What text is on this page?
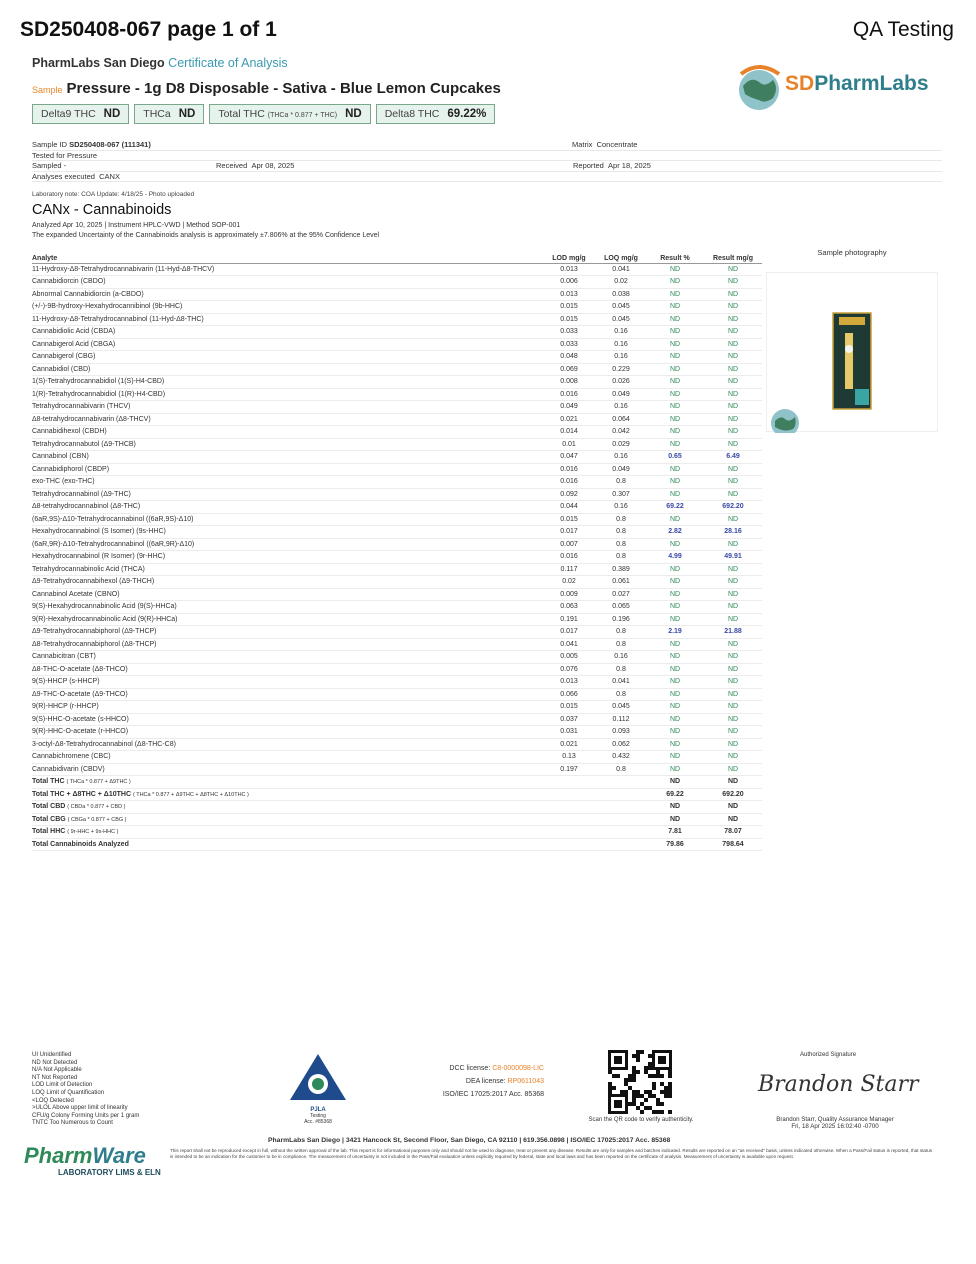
SD250408-067 page 1 of 1	QA Testing
PharmLabs San Diego Certificate of Analysis
Sample Pressure - 1g D8 Disposable - Sativa - Blue Lemon Cupcakes
Delta9 THC ND	THCa ND	Total THC (THCa * 0.877 + THC) ND	Delta8 THC 69.22%
SDPharmLabs
Sample ID SD250408-067 (111341)	Matrix Concentrate
Tested for Pressure
Sampled -	Received Apr 08, 2025	Reported Apr 18, 2025
Analyses executed CANX
Laboratory note: COA Update: 4/18/25 - Photo uploaded
CANx - Cannabinoids
Analyzed Apr 10, 2025 | Instrument HPLC-VWD | Method SOP-001
The expanded Uncertainty of the Cannabinoids analysis is approximately ±7.806% at the 95% Confidence Level
Analyte	LOD mg/g	LOQ mg/g	Result %	Result mg/g
11-Hydroxy-Δ8-Tetrahydrocannabivarin (11-Hyd-Δ8-THCV)	0.013	0.041	ND	ND
Cannabidiorcin (CBDO)	0.006	0.02	ND	ND
Abnormal Cannabidiorcin (a-CBDO)	0.013	0.038	ND	ND
(+/-)-9B-hydroxy-Hexahydrocannibinol (9b-HHC)	0.015	0.045	ND	ND
11-Hydroxy-Δ8-Tetrahydrocannabinol (11-Hyd-Δ8-THC)	0.015	0.045	ND	ND
Cannabidiolic Acid (CBDA)	0.033	0.16	ND	ND
Cannabigerol Acid (CBGA)	0.033	0.16	ND	ND
Cannabigerol (CBG)	0.048	0.16	ND	ND
Cannabidiol (CBD)	0.069	0.229	ND	ND
1(S)-Tetrahydrocannabidiol (1(S)-H4-CBD)	0.008	0.026	ND	ND
1(R)-Tetrahydrocannabidiol (1(R)-H4-CBD)	0.016	0.049	ND	ND
Tetrahydrocannabivarin (THCV)	0.049	0.16	ND	ND
Δ8-tetrahydrocannabivarin (Δ8-THCV)	0.021	0.064	ND	ND
Cannabidihexol (CBDH)	0.014	0.042	ND	ND
Tetrahydrocannabutol (Δ9-THCB)	0.01	0.029	ND	ND
Cannabinol (CBN)	0.047	0.16	0.65	6.49
Cannabidiphorol (CBDP)	0.016	0.049	ND	ND
exo-THC (exo-THC)	0.016	0.8	ND	ND
Tetrahydrocannabinol (Δ9-THC)	0.092	0.307	ND	ND
Δ8-tetrahydrocannabinol (Δ8-THC)	0.044	0.16	69.22	692.20
(6aR,9S)-Δ10-Tetrahydrocannabinol ((6aR,9S)-Δ10)	0.015	0.8	ND	ND
Hexahydrocannabinol (S Isomer) (9s-HHC)	0.017	0.8	2.82	28.16
(6aR,9R)-Δ10-Tetrahydrocannabinol ((6aR,9R)-Δ10)	0.007	0.8	ND	ND
Hexahydrocannabinol (R Isomer) (9r-HHC)	0.016	0.8	4.99	49.91
Tetrahydrocannabinolic Acid (THCA)	0.117	0.389	ND	ND
Δ9-Tetrahydrocannabihexol (Δ9-THCH)	0.02	0.061	ND	ND
Cannabinol Acetate (CBNO)	0.009	0.027	ND	ND
9(S)-Hexahydrocannabinolic Acid (9(S)-HHCa)	0.063	0.065	ND	ND
9(R)-Hexahydrocannabinolic Acid (9(R)-HHCa)	0.191	0.196	ND	ND
Δ9-Tetrahydrocannabiphorol (Δ9-THCP)	0.017	0.8	2.19	21.88
Δ8-Tetrahydrocannabiphorol (Δ8-THCP)	0.041	0.8	ND	ND
Cannabicitran (CBT)	0.005	0.16	ND	ND
Δ8-THC-O-acetate (Δ8-THCO)	0.076	0.8	ND	ND
9(S)-HHCP (s-HHCP)	0.013	0.041	ND	ND
Δ9-THC-O-acetate (Δ9-THCO)	0.066	0.8	ND	ND
9(R)-HHCP (r-HHCP)	0.015	0.045	ND	ND
9(S)-HHC-O-acetate (s-HHCO)	0.037	0.112	ND	ND
9(R)-HHC-O-acetate (r-HHCO)	0.031	0.093	ND	ND
3-octyl-Δ8-Tetrahydrocannabinol (Δ8-THC-C8)	0.021	0.062	ND	ND
Cannabichromene (CBC)	0.13	0.432	ND	ND
Cannabidivarin (CBDV)	0.197	0.8	ND	ND
Total THC ( THCa * 0.877 + Δ9THC )			ND	ND
Total THC + Δ8THC + Δ10THC ( THCa * 0.877 + Δ9THC + Δ8THC + Δ10THC )			69.22	692.20
Total CBD ( CBDa * 0.877 + CBD )			ND	ND
Total CBG ( CBGa * 0.877 + CBG )			ND	ND
Total HHC ( 9r-HHC + 9s-HHC )			7.81	78.07
Total Cannabinoids Analyzed			79.86	798.64
Sample photography
UI Unidentified
ND Not Detected
N/A Not Applicable
NT Not Reported
LOD Limit of Detection
LOQ Limit of Quantification
<LOQ Detected
>ULOL Above upper limit of linearity
CFU/g Colony Forming Units per 1 gram
TNTC Too Numerous to Count
PJLA
Testing
Acc. #85368
DCC license: C8-0000098-LIC
DEA license: RP0611043
ISO/IEC 17025:2017 Acc. 85368
Scan the QR code to verify authenticity.
Authorized Signature
Brandon Starr
Brandon Starr, Quality Assurance Manager
Fri, 18 Apr 2025 16:02:40 -0700
PharmLabs San Diego | 3421 Hancock St, Second Floor, San Diego, CA 92110 | 619.356.0898 | ISO/IEC 17025:2017 Acc. 85368
This report shall not be reproduced except in full, without the written approval of the lab. This report is for informational purposes only and should not be used to diagnose, treat or prevent any disease. Results are only for samples and batches indicated. Results are reported on an "as received" basis, unless indicated otherwise. When a Pass/Fail status is reported, that status is intended to be an indication for the customer to be in compliance. The measurement of uncertainty is not included in the Pass/Fail evaluation unless explicitly required by federal, state and local laws and has been reported on the certificate of analysis. Measurement of uncertainty is available upon request.
PharmWare
LABORATORY LIMS & ELN
